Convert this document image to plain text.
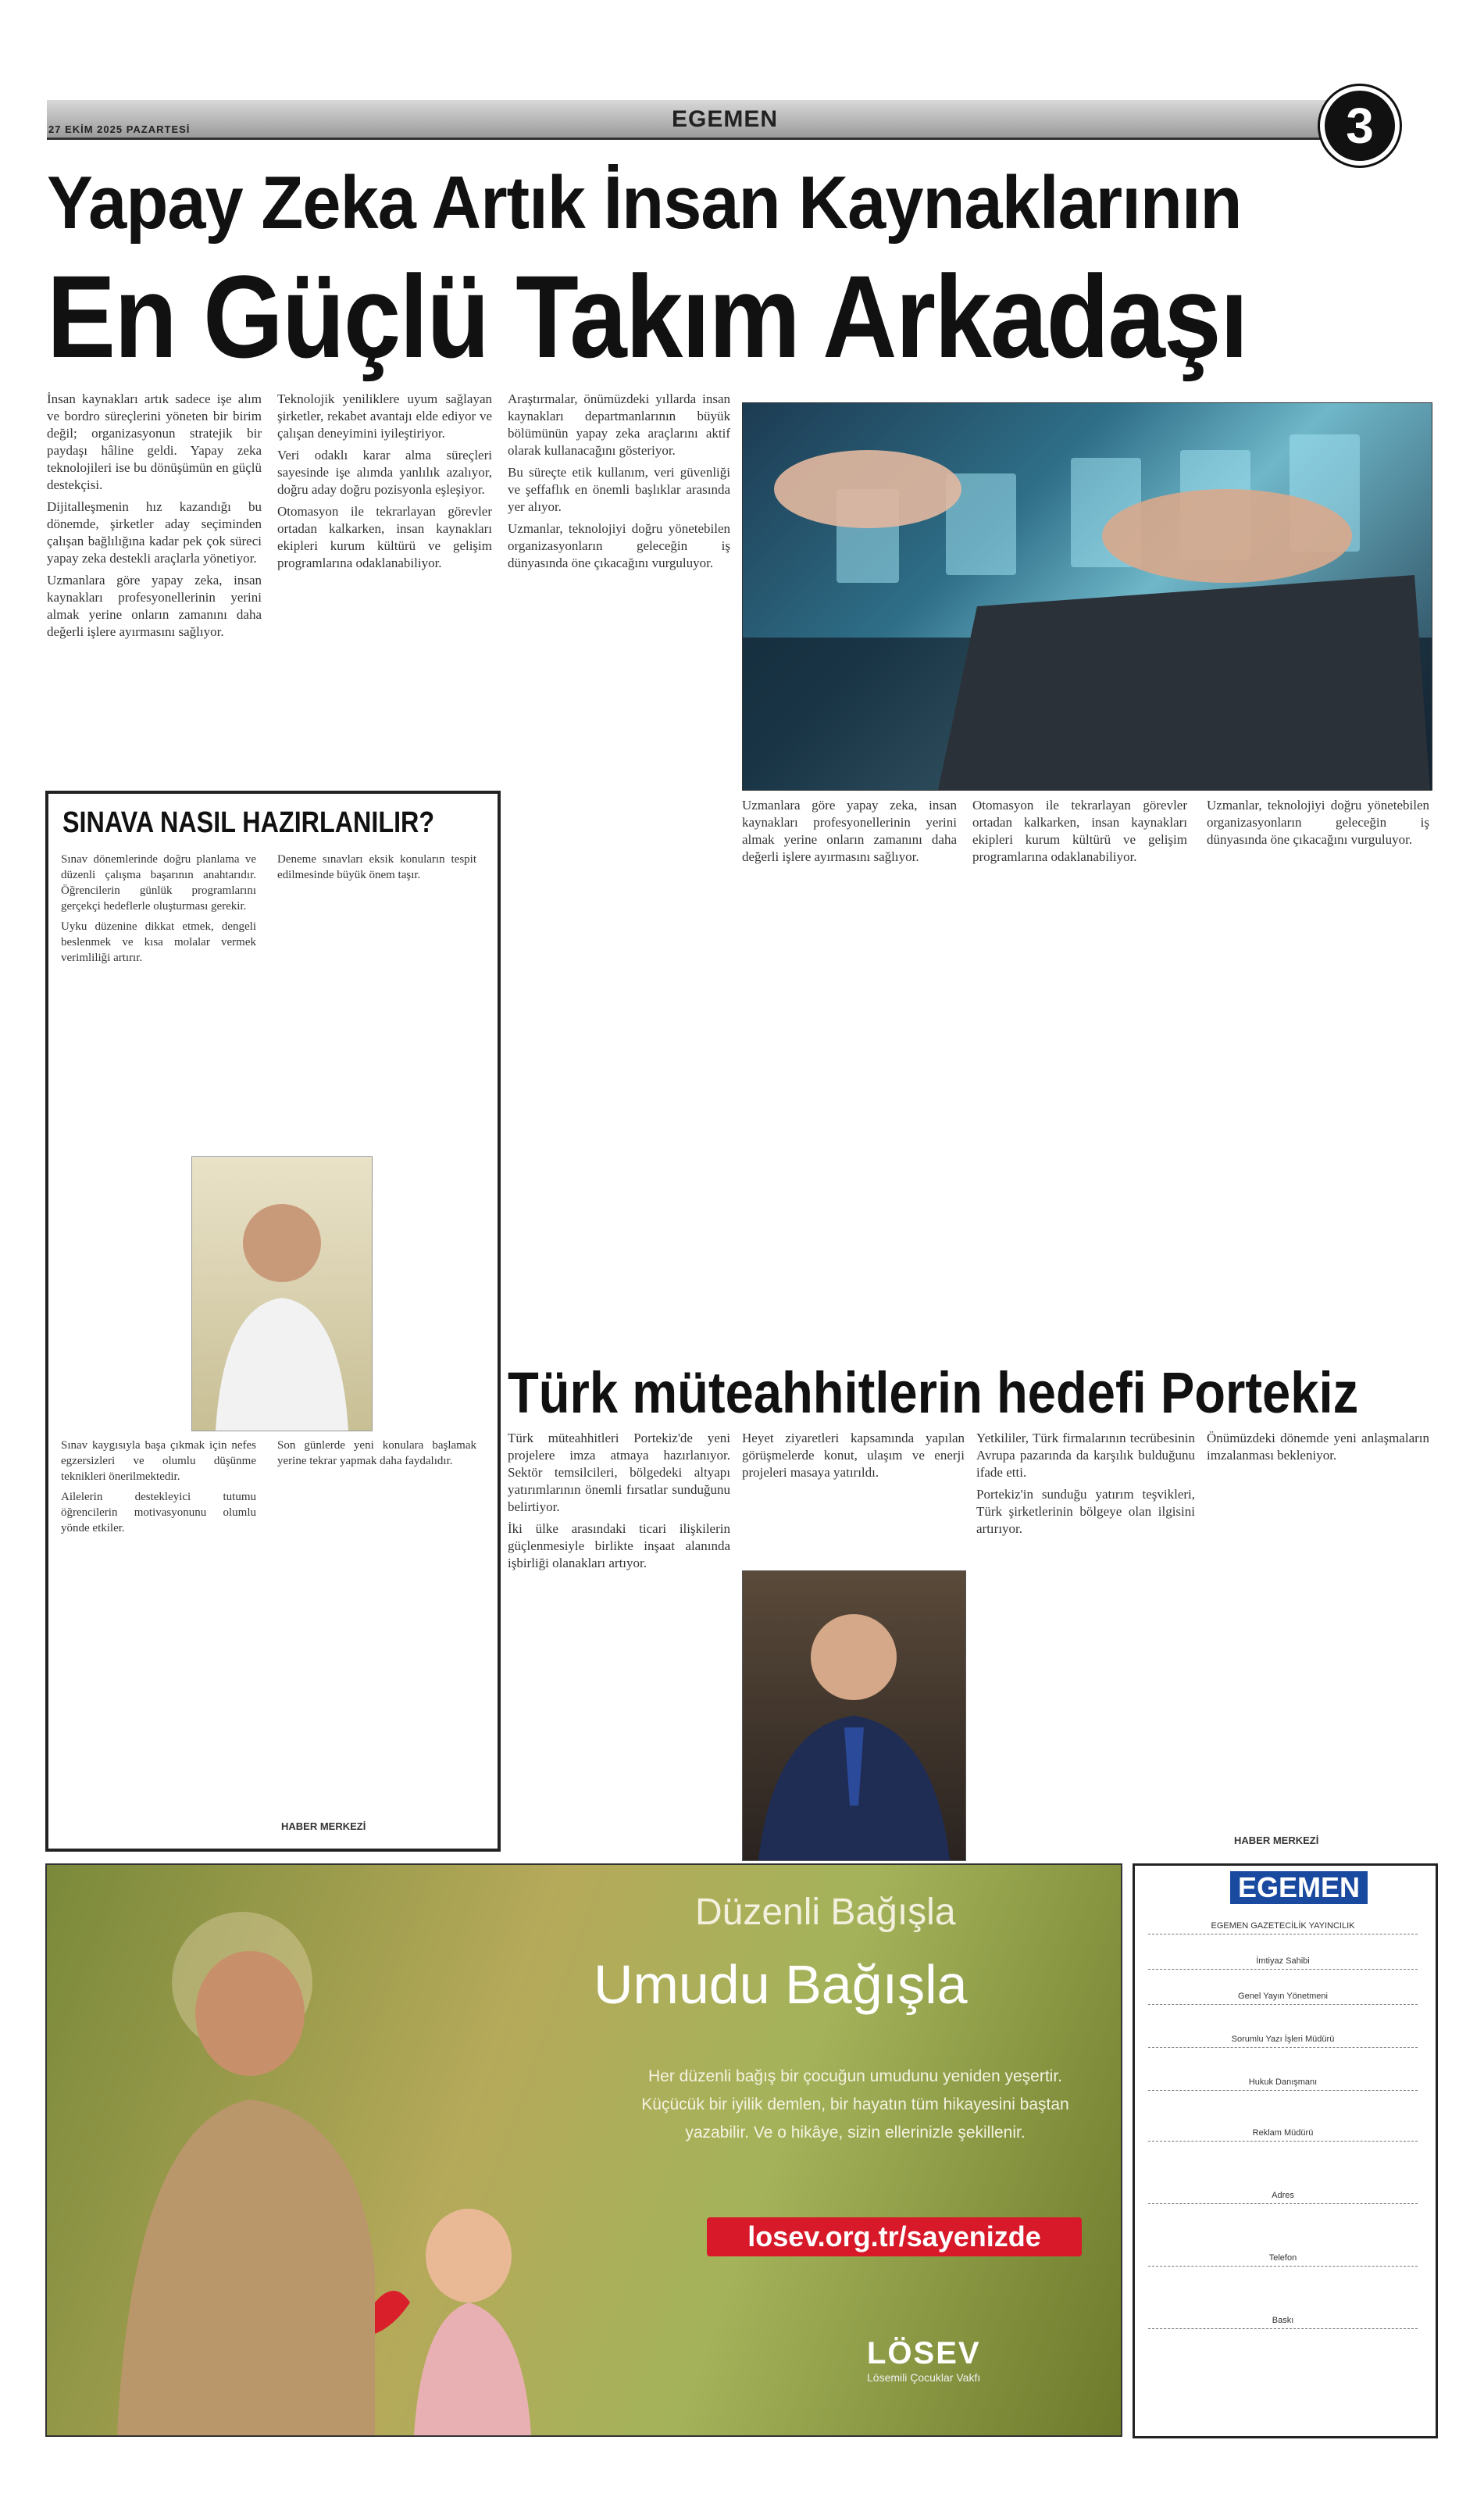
27 EKİM 2025 PAZARTESİ	EGEMEN	3
Yapay Zeka Artık İnsan Kaynaklarının
En Güçlü Takım Arkadaşı

İnsan kaynakları artık sadece işe alım ve bordro süreçlerini yöneten bir birim değil; organizasyonun stratejik bir paydaşı hâline geldi. Yapay zeka teknolojileri ise bu dönüşümün en güçlü destekçisi.

Dijitalleşmenin hız kazandığı bu dönemde, şirketler aday seçiminden çalışan bağlılığına kadar pek çok süreci yapay zeka destekli araçlarla yönetiyor.

Uzmanlara göre yapay zeka, insan kaynakları profesyonellerinin yerini almak yerine onların zamanını daha değerli işlere ayırmasını sağlıyor.

Teknolojik yeniliklere uyum sağlayan şirketler, rekabet avantajı elde ediyor ve çalışan deneyimini iyileştiriyor.

Veri odaklı karar alma süreçleri sayesinde işe alımda yanlılık azalıyor, doğru aday doğru pozisyonla eşleşiyor.

Otomasyon ile tekrarlayan görevler ortadan kalkarken, insan kaynakları ekipleri kurum kültürü ve gelişim programlarına odaklanabiliyor.

Araştırmalar, önümüzdeki yıllarda insan kaynakları departmanlarının büyük bölümünün yapay zeka araçlarını aktif olarak kullanacağını gösteriyor.

Bu süreçte etik kullanım, veri güvenliği ve şeffaflık en önemli başlıklar arasında yer alıyor.

Uzmanlar, teknolojiyi doğru yönetebilen organizasyonların geleceğin iş dünyasında öne çıkacağını vurguluyor.

SINAVA NASIL HAZIRLANILIR?

Sınav dönemlerinde doğru planlama ve düzenli çalışma başarının anahtarıdır. Öğrencilerin günlük programlarını gerçekçi hedeflerle oluşturması gerekir.

Uyku düzenine dikkat etmek, dengeli beslenmek ve kısa molalar vermek verimliliği artırır.

Deneme sınavları eksik konuların tespit edilmesinde büyük önem taşır.

Sınav kaygısıyla başa çıkmak için nefes egzersizleri ve olumlu düşünme teknikleri önerilmektedir.

Ailelerin destekleyici tutumu öğrencilerin motivasyonunu olumlu yönde etkiler.

Son günlerde yeni konulara başlamak yerine tekrar yapmak daha faydalıdır.

HABER MERKEZİ

Uzmanlara göre yapay zeka, insan kaynakları profesyonellerinin yerini almak yerine onların zamanını daha değerli işlere ayırmasını sağlıyor.

Otomasyon ile tekrarlayan görevler ortadan kalkarken, insan kaynakları ekipleri kurum kültürü ve gelişim programlarına odaklanabiliyor.

Uzmanlar, teknolojiyi doğru yönetebilen organizasyonların geleceğin iş dünyasında öne çıkacağını vurguluyor.

Türk müteahhitlerin hedefi Portekiz

Türk müteahhitleri Portekiz'de yeni projelere imza atmaya hazırlanıyor. Sektör temsilcileri, bölgedeki altyapı yatırımlarının önemli fırsatlar sunduğunu belirtiyor.

İki ülke arasındaki ticari ilişkilerin güçlenmesiyle birlikte inşaat alanında işbirliği olanakları artıyor.

Heyet ziyaretleri kapsamında yapılan görüşmelerde konut, ulaşım ve enerji projeleri masaya yatırıldı.

Yetkililer, Türk firmalarının tecrübesinin Avrupa pazarında da karşılık bulduğunu ifade etti.

Portekiz'in sunduğu yatırım teşvikleri, Türk şirketlerinin bölgeye olan ilgisini artırıyor.

Önümüzdeki dönemde yeni anlaşmaların imzalanması bekleniyor.

HABER MERKEZİ
Düzenli Bağışla
Umudu Bağışla
Her düzenli bağış bir çocuğun umudunu yeniden yeşertir. Küçücük bir iyilik demlen, bir hayatın tüm hikayesini baştan yazabilir. Ve o hikâye, sizin ellerinizle şekillenir.
losev.org.tr/sayenizde
LÖSEV
Lösemili Çocuklar Vakfı
EGEMEN
EGEMEN GAZETECİLİK YAYINCILIK
İmtiyaz Sahibi
Genel Yayın Yönetmeni
Sorumlu Yazı İşleri Müdürü
Hukuk Danışmanı
Reklam Müdürü
Adres
Telefon
Baskı
